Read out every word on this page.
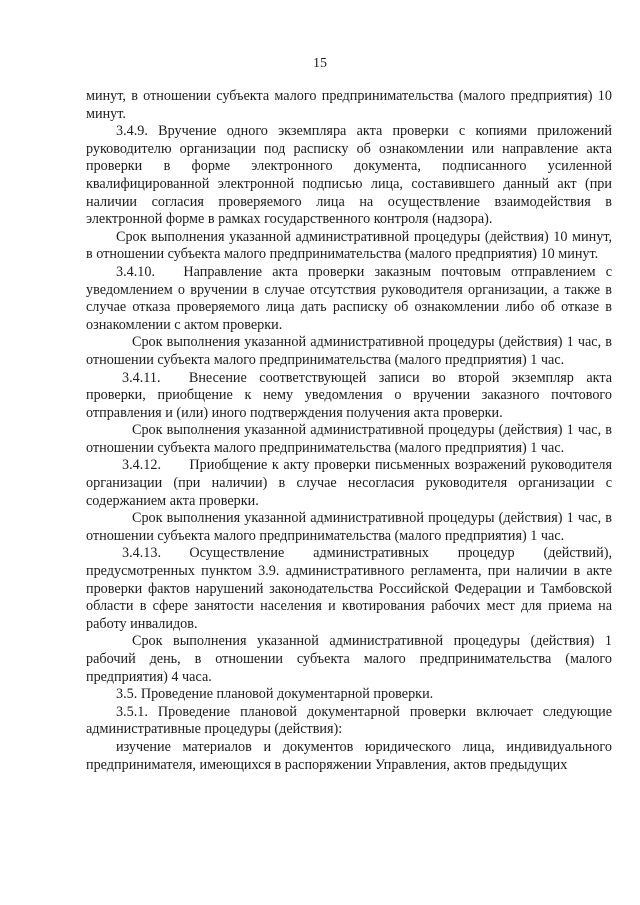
15

минут, в отношении субъекта малого предпринимательства (малого предприятия) 10 минут.

3.4.9. Вручение одного экземпляра акта проверки с копиями приложений руководителю организации под расписку об ознакомлении или направление акта проверки в форме электронного документа, подписанного усиленной квалифицированной электронной подписью лица, составившего данный акт (при наличии согласия проверяемого лица на осуществление взаимодействия в электронной форме в рамках государственного контроля (надзора).

Срок выполнения указанной административной процедуры (действия) 10 минут, в отношении субъекта малого предпринимательства (малого предприятия) 10 минут.

3.4.10.  Направление акта проверки заказным почтовым отправлением с уведомлением о вручении в случае отсутствия руководителя организации, а также в случае отказа проверяемого лица дать расписку об ознакомлении либо об отказе в ознакомлении с актом проверки.

Срок выполнения указанной административной процедуры (действия) 1 час, в отношении субъекта малого предпринимательства (малого предприятия) 1 час.

3.4.11.  Внесение соответствующей записи во второй экземпляр акта проверки, приобщение к нему уведомления о вручении заказного почтового отправления и (или) иного подтверждения получения акта проверки.

Срок выполнения указанной административной процедуры (действия) 1 час, в отношении субъекта малого предпринимательства (малого предприятия) 1 час.

3.4.12.  Приобщение к акту проверки письменных возражений руководителя организации (при наличии) в случае несогласия руководителя организации с содержанием акта проверки.

Срок выполнения указанной административной процедуры (действия) 1 час, в отношении субъекта малого предпринимательства (малого предприятия) 1 час.

3.4.13.  Осуществление административных процедур (действий), предусмотренных пунктом 3.9. административного регламента, при наличии в акте проверки фактов нарушений законодательства Российской Федерации и Тамбовской области в сфере занятости населения и квотирования рабочих мест для приема на работу инвалидов.

Срок выполнения указанной административной процедуры (действия) 1 рабочий день, в отношении субъекта малого предпринимательства (малого предприятия) 4 часа.

3.5. Проведение плановой документарной проверки.

3.5.1. Проведение плановой документарной проверки включает следующие административные процедуры (действия):

изучение материалов и документов юридического лица, индивидуального предпринимателя, имеющихся в распоряжении Управления, актов предыдущих
